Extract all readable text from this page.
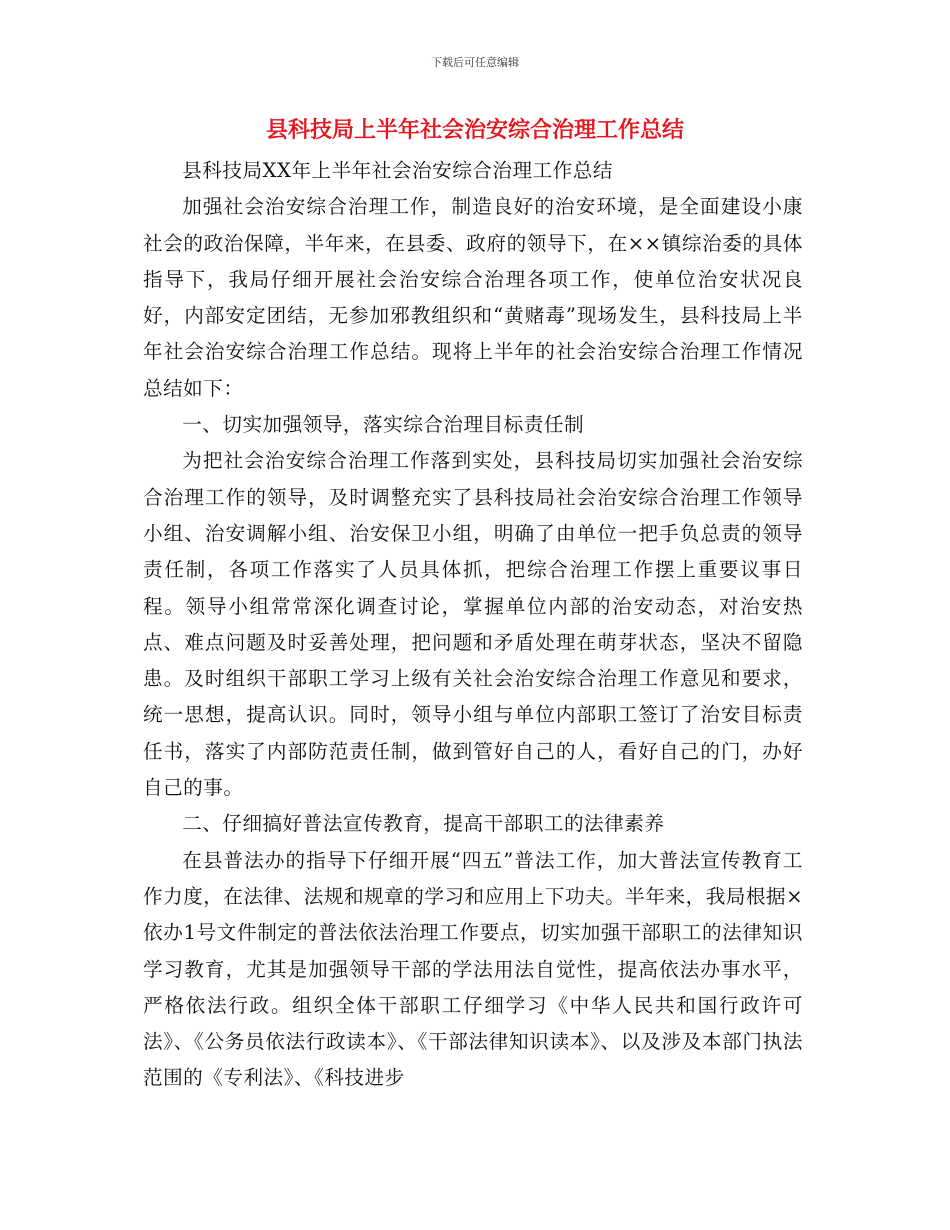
下载后可任意编辑
县科技局上半年社会治安综合治理工作总结

县科技局XX年上半年社会治安综合治理工作总结

加强社会治安综合治理工作，制造良好的治安环境，是全面建设小康社会的政治保障，半年来，在县委、政府的领导下，在××镇综治委的具体指导下，我局仔细开展社会治安综合治理各项工作，使单位治安状况良好，内部安定团结，无参加邪教组织和“黄赌毒”现场发生，县科技局上半年社会治安综合治理工作总结。现将上半年的社会治安综合治理工作情况总结如下：

一、切实加强领导，落实综合治理目标责任制

为把社会治安综合治理工作落到实处，县科技局切实加强社会治安综合治理工作的领导，及时调整充实了县科技局社会治安综合治理工作领导小组、治安调解小组、治安保卫小组，明确了由单位一把手负总责的领导责任制，各项工作落实了人员具体抓，把综合治理工作摆上重要议事日程。领导小组常常深化调查讨论，掌握单位内部的治安动态，对治安热点、难点问题及时妥善处理，把问题和矛盾处理在萌芽状态，坚决不留隐患。及时组织干部职工学习上级有关社会治安综合治理工作意见和要求，统一思想，提高认识。同时，领导小组与单位内部职工签订了治安目标责任书，落实了内部防范责任制，做到管好自己的人，看好自己的门，办好自己的事。

二、仔细搞好普法宣传教育，提高干部职工的法律素养

在县普法办的指导下仔细开展“四五”普法工作，加大普法宣传教育工作力度，在法律、法规和规章的学习和应用上下功夫。半年来，我局根据×依办1号文件制定的普法依法治理工作要点，切实加强干部职工的法律知识学习教育，尤其是加强领导干部的学法用法自觉性，提高依法办事水平，严格依法行政。组织全体干部职工仔细学习《中华人民共和国行政许可法》、《公务员依法行政读本》、《干部法律知识读本》、以及涉及本部门执法范围的《专利法》、《科技进步
